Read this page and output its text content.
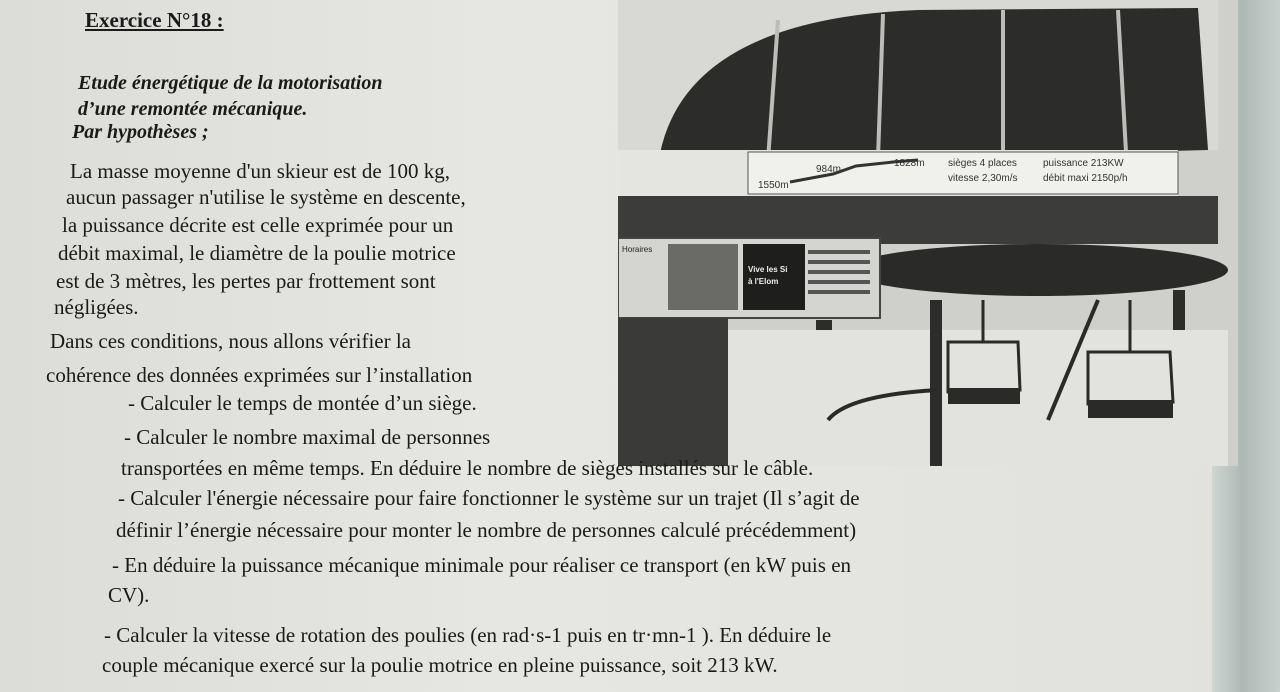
1550m
984m
1828m sièges 4 places
vitesse 2,30m/s
puissance 213KW
débit maxi 2150p/h
Horaires
Vive les Si
à l'Elom

Exercice N°18 :

Etude énergétique de la motorisation
d’une remontée mécanique.

Par hypothèses ;

La masse moyenne d'un skieur est de 100 kg,

aucun passager n'utilise le système en descente,

la puissance décrite est celle exprimée pour un

débit maximal, le diamètre de la poulie motrice

est de 3 mètres, les pertes par frottement sont

négligées.

Dans ces conditions, nous allons vérifier la

cohérence des données exprimées sur l’installation

- Calculer le temps de montée d’un siège.

- Calculer le nombre maximal de personnes

transportées en même temps. En déduire le nombre de sièges installés sur le câble.

- Calculer l'énergie nécessaire pour faire fonctionner le système sur un trajet (Il s’agit de

définir l’énergie nécessaire pour monter le nombre de personnes calculé précédemment)

- En déduire la puissance mécanique minimale pour réaliser ce transport (en kW puis en

CV).

- Calculer la vitesse de rotation des poulies (en rad·s-1 puis en tr·mn-1 ). En déduire le

couple mécanique exercé sur la poulie motrice en pleine puissance, soit 213 kW.
